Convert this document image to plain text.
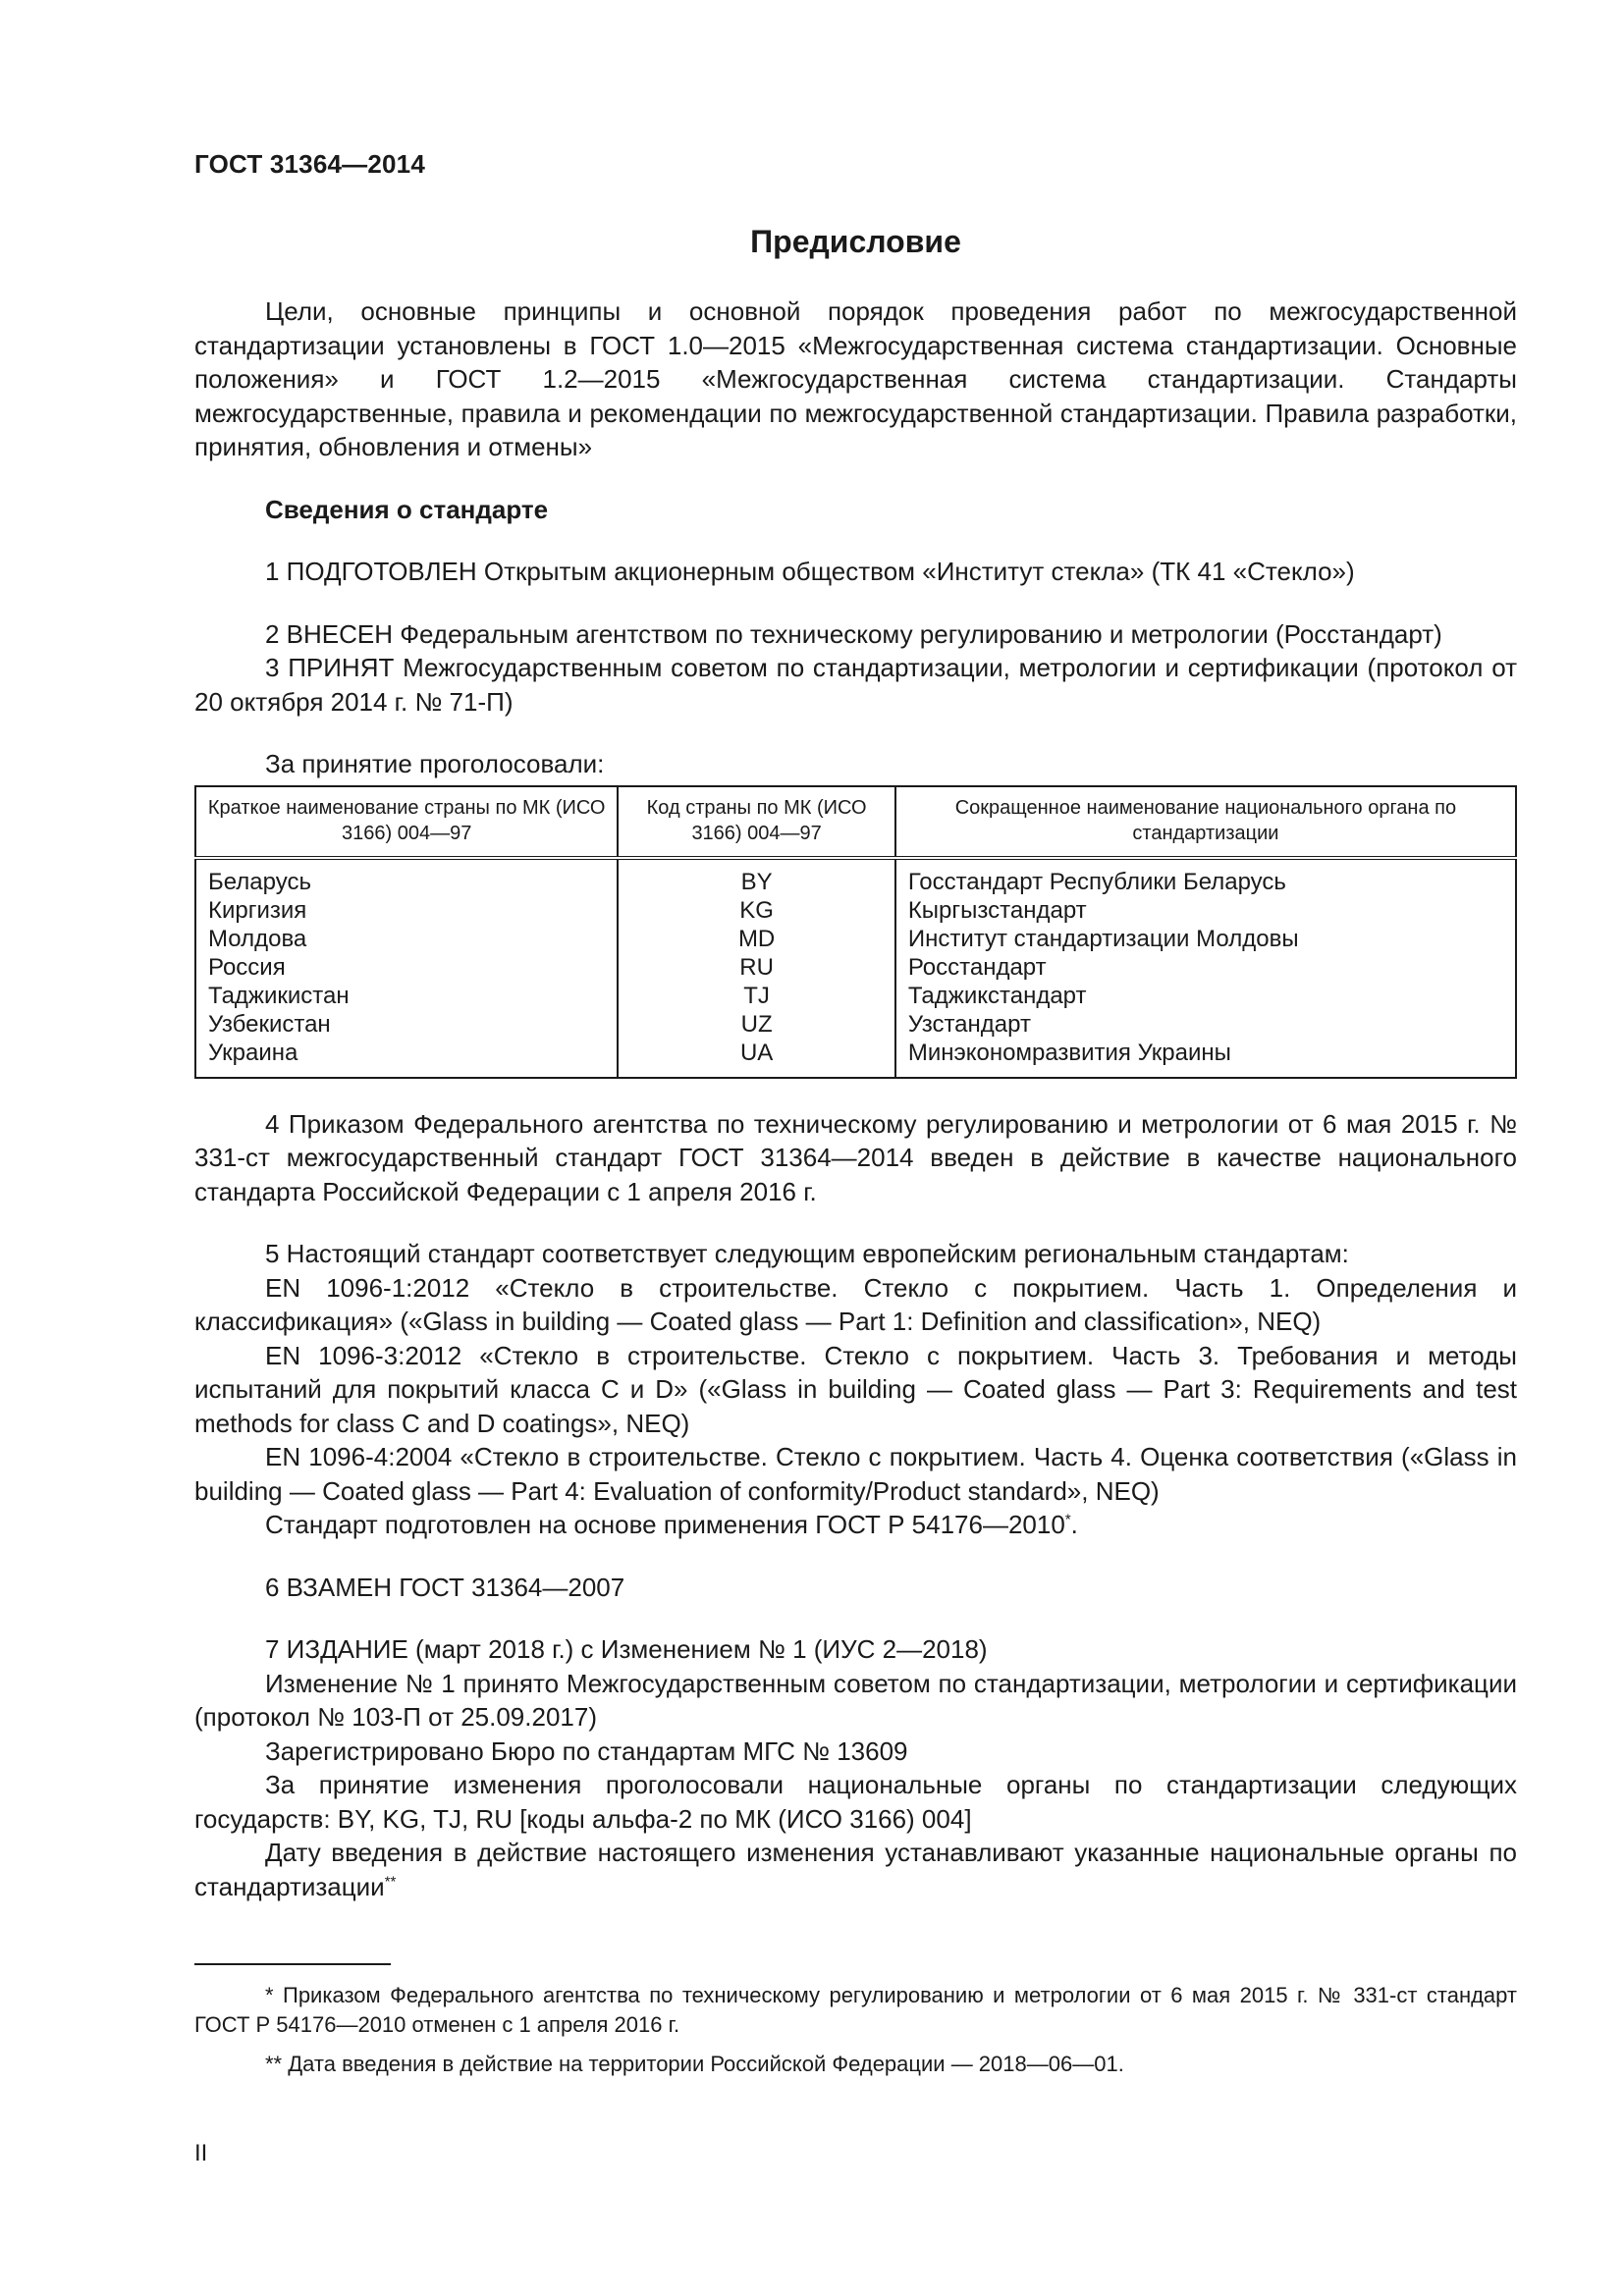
ГОСТ 31364—2014
Предисловие

Цели, основные принципы и основной порядок проведения работ по межгосударственной стандартизации установлены в ГОСТ 1.0—2015 «Межгосударственная система стандартизации. Основные положения» и ГОСТ 1.2—2015 «Межгосударственная система стандартизации. Стандарты межгосударственные, правила и рекомендации по межгосударственной стандартизации. Правила разработки, принятия, обновления и отмены»

Сведения о стандарте

1 ПОДГОТОВЛЕН Открытым акционерным обществом «Институт стекла» (ТК 41 «Стекло»)

2 ВНЕСЕН Федеральным агентством по техническому регулированию и метрологии (Росстандарт)

3 ПРИНЯТ Межгосударственным советом по стандартизации, метрологии и сертификации (протокол от 20 октября 2014 г. № 71-П)

За принятие проголосовали:

Краткое наименование страны по МК (ИСО 3166) 004—97	Код страны по МК (ИСО 3166) 004—97	Сокращенное наименование национального органа по стандартизации
Беларусь	BY	Госстандарт Республики Беларусь
Киргизия	KG	Кыргызстандарт
Молдова	MD	Институт стандартизации Молдовы
Россия	RU	Росстандарт
Таджикистан	TJ	Таджикстандарт
Узбекистан	UZ	Узстандарт
Украина	UA	Минэкономразвития Украины

4 Приказом Федерального агентства по техническому регулированию и метрологии от 6 мая 2015 г. № 331-ст межгосударственный стандарт ГОСТ 31364—2014 введен в действие в качестве национального стандарта Российской Федерации с 1 апреля 2016 г.

5 Настоящий стандарт соответствует следующим европейским региональным стандартам:

EN 1096-1:2012 «Стекло в строительстве. Стекло с покрытием. Часть 1. Определения и классификация» («Glass in building — Coated glass — Part 1: Definition and classification», NEQ)

EN 1096-3:2012 «Стекло в строительстве. Стекло с покрытием. Часть 3. Требования и методы испытаний для покрытий класса C и D» («Glass in building — Coated glass — Part 3: Requirements and test methods for class C and D coatings», NEQ)

EN 1096-4:2004 «Стекло в строительстве. Стекло с покрытием. Часть 4. Оценка соответствия («Glass in building — Coated glass — Part 4: Evaluation of conformity/Product standard», NEQ)

Стандарт подготовлен на основе применения ГОСТ Р 54176—2010*.

6 ВЗАМЕН ГОСТ 31364—2007

7 ИЗДАНИЕ (март 2018 г.) с Изменением № 1 (ИУС 2—2018)

Изменение № 1 принято Межгосударственным советом по стандартизации, метрологии и сертификации (протокол № 103-П от 25.09.2017)

Зарегистрировано Бюро по стандартам МГС № 13609

За принятие изменения проголосовали национальные органы по стандартизации следующих государств: BY, KG, TJ, RU [коды альфа-2 по МК (ИСО 3166) 004]

Дату введения в действие настоящего изменения устанавливают указанные национальные органы по стандартизации**

* Приказом Федерального агентства по техническому регулированию и метрологии от 6 мая 2015 г. № 331-ст стандарт ГОСТ Р 54176—2010 отменен с 1 апреля 2016 г.

** Дата введения в действие на территории Российской Федерации — 2018—06—01.

II
